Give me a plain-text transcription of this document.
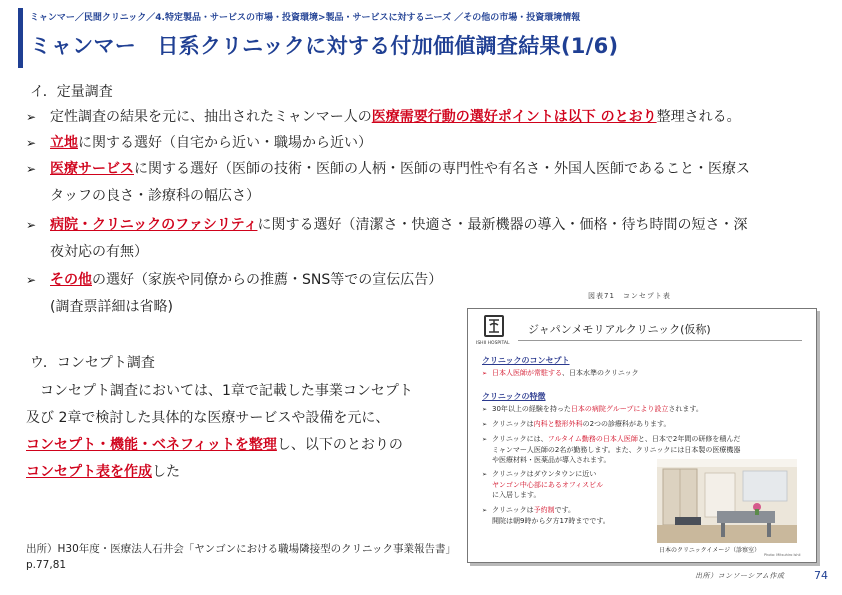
ミャンマー／民間クリニック／4.特定製品・サービスの市場・投資環境>製品・サービスに対するニーズ ／その他の市場・投資環境情報
ミャンマー　日系クリニックに対する付加価値調査結果(1/6)
イ．定量調査
➢ 定性調査の結果を元に、抽出されたミャンマー人の医療需要行動の選好ポイントは以下 のとおり整理される。
➢ 立地に関する選好（自宅から近い・職場から近い）
➢ 医療サービスに関する選好（医師の技術・医師の人柄・医師の専門性や有名さ・外国人医師であること・医療ス
タッフの良さ・診療科の幅広さ）
➢ 病院・クリニックのファシリティに関する選好（清潔さ・快適さ・最新機器の導入・価格・待ち時間の短さ・深
夜対応の有無）
➢ その他の選好（家族や同僚からの推薦・SNS等での宣伝広告）
(調査票詳細は省略)
ウ．コンセプト調査
　コンセプト調査においては、1章で記載した事業コンセプト
及び 2章で検討した具体的な医療サービスや設備を元に、
コンセプト・機能・ベネフィットを整理し、以下のとおりの
コンセプト表を作成した
出所）H30年度・医療法人石井会「ヤンゴンにおける職場隣接型のクリニック事業報告書」
p.77,81
図表71　コンセプト表
ISHII HOSPITAL
ジャパンメモリアルクリニック(仮称)
クリニックのコンセプト
➢ 日本人医師が常駐する、日本水準のクリニック
クリニックの特徴
➢ 30年以上の経験を持った日本の病院グループにより設立されます。
➢ クリニックは内科と整形外科の2つの診療科があります。
➢ クリニックには、フルタイム勤務の日本人医師と、日本で2年間の研修を積んだ
ミャンマー人医師の2名が勤務します。また、クリニックには日本製の医療機器
や医療材料・医薬品が導入されます。
➢ クリニックはダウンタウンに近い
ヤンゴン中心部にあるオフィスビル
に入居します。
➢ クリニックは予約制です。
開院は朝9時から夕方17時までです。
日本のクリニックイメージ（診察室）
Photo: Mitsuhiro Ishii
出所）コンソーシアム作成	74
